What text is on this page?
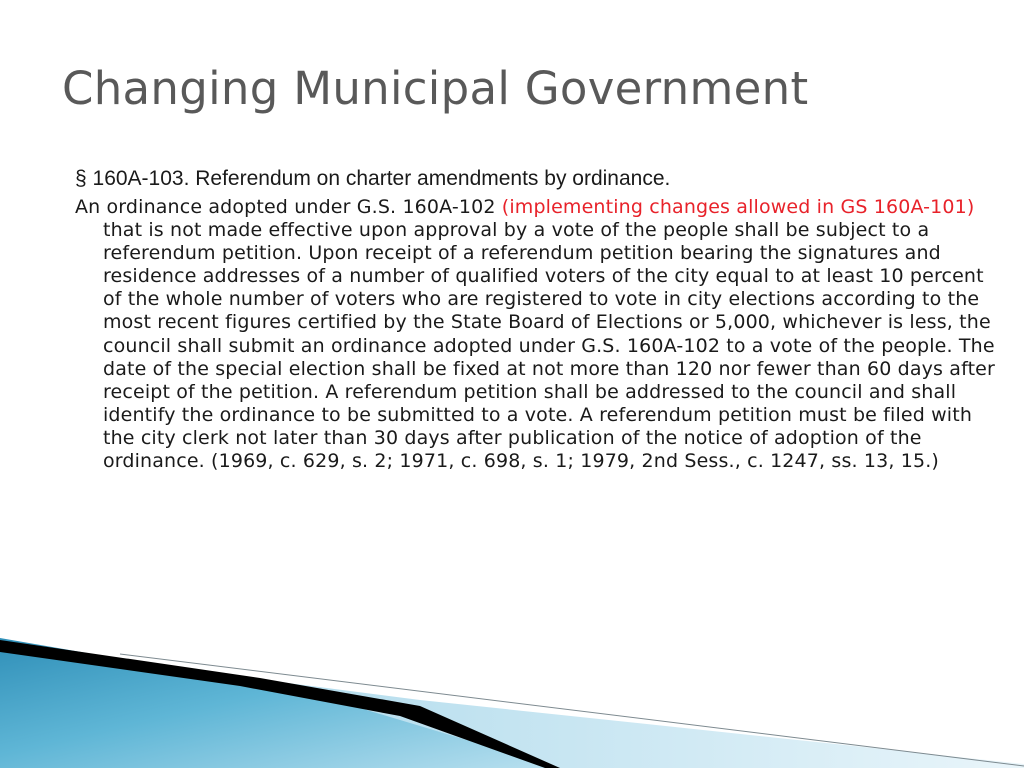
Changing Municipal Government
§ 160A-103. Referendum on charter amendments by ordinance.

An ordinance adopted under G.S. 160A-102 (implementing changes allowed in GS 160A-101) that is not made effective upon approval by a vote of the people shall be subject to a referendum petition. Upon receipt of a referendum petition bearing the signatures and residence addresses of a number of qualified voters of the city equal to at least 10 percent of the whole number of voters who are registered to vote in city elections according to the most recent figures certified by the State Board of Elections or 5,000, whichever is less, the council shall submit an ordinance adopted under G.S. 160A-102 to a vote of the people. The date of the special election shall be fixed at not more than 120 nor fewer than 60 days after receipt of the petition. A referendum petition shall be addressed to the council and shall identify the ordinance to be submitted to a vote. A referendum petition must be filed with the city clerk not later than 30 days after publication of the notice of adoption of the ordinance. (1969, c. 629, s. 2; 1971, c. 698, s. 1; 1979, 2nd Sess., c. 1247, ss. 13, 15.)
